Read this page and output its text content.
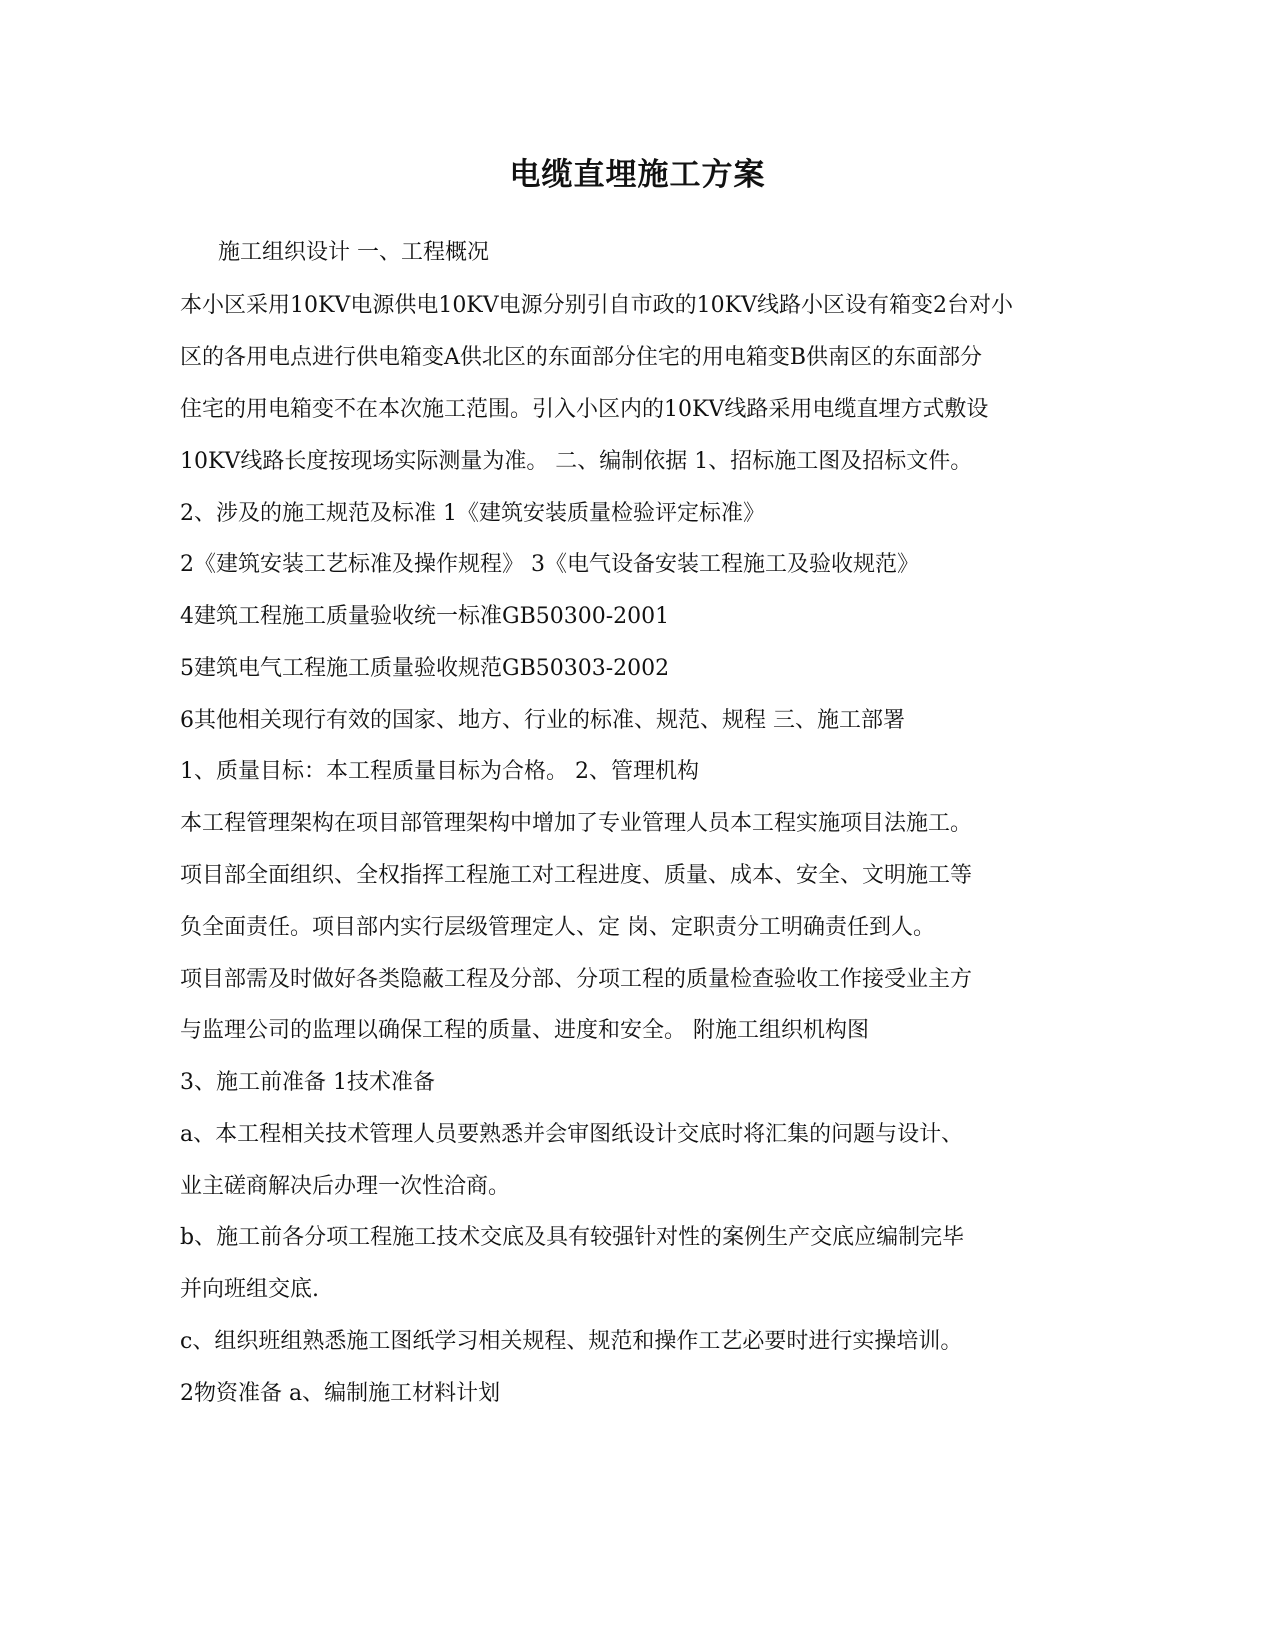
电缆直埋施工方案
施工组织设计 一、工程概况
本小区采用10KV电源供电10KV电源分别引自市政的10KV线路小区设有箱变2台对小
区的各用电点进行供电箱变A供北区的东面部分住宅的用电箱变B供南区的东面部分
住宅的用电箱变不在本次施工范围。引入小区内的10KV线路采用电缆直埋方式敷设
10KV线路长度按现场实际测量为准。 二、编制依据 1、招标施工图及招标文件。
2、涉及的施工规范及标准 1《建筑安装质量检验评定标准》
2《建筑安装工艺标准及操作规程》 3《电气设备安装工程施工及验收规范》
4建筑工程施工质量验收统一标准GB50300-2001
5建筑电气工程施工质量验收规范GB50303-2002
6其他相关现行有效的国家、地方、行业的标准、规范、规程 三、施工部署
1、质量目标：本工程质量目标为合格。 2、管理机构
本工程管理架构在项目部管理架构中增加了专业管理人员本工程实施项目法施工。
项目部全面组织、全权指挥工程施工对工程进度、质量、成本、安全、文明施工等
负全面责任。项目部内实行层级管理定人、定 岗、定职责分工明确责任到人。
项目部需及时做好各类隐蔽工程及分部、分项工程的质量检查验收工作接受业主方
与监理公司的监理以确保工程的质量、进度和安全。 附施工组织机构图
3、施工前准备 1技术准备
a、本工程相关技术管理人员要熟悉并会审图纸设计交底时将汇集的问题与设计、
业主磋商解决后办理一次性洽商。
b、施工前各分项工程施工技术交底及具有较强针对性的案例生产交底应编制完毕
并向班组交底.
c、组织班组熟悉施工图纸学习相关规程、规范和操作工艺必要时进行实操培训。
2物资准备 a、编制施工材料计划
